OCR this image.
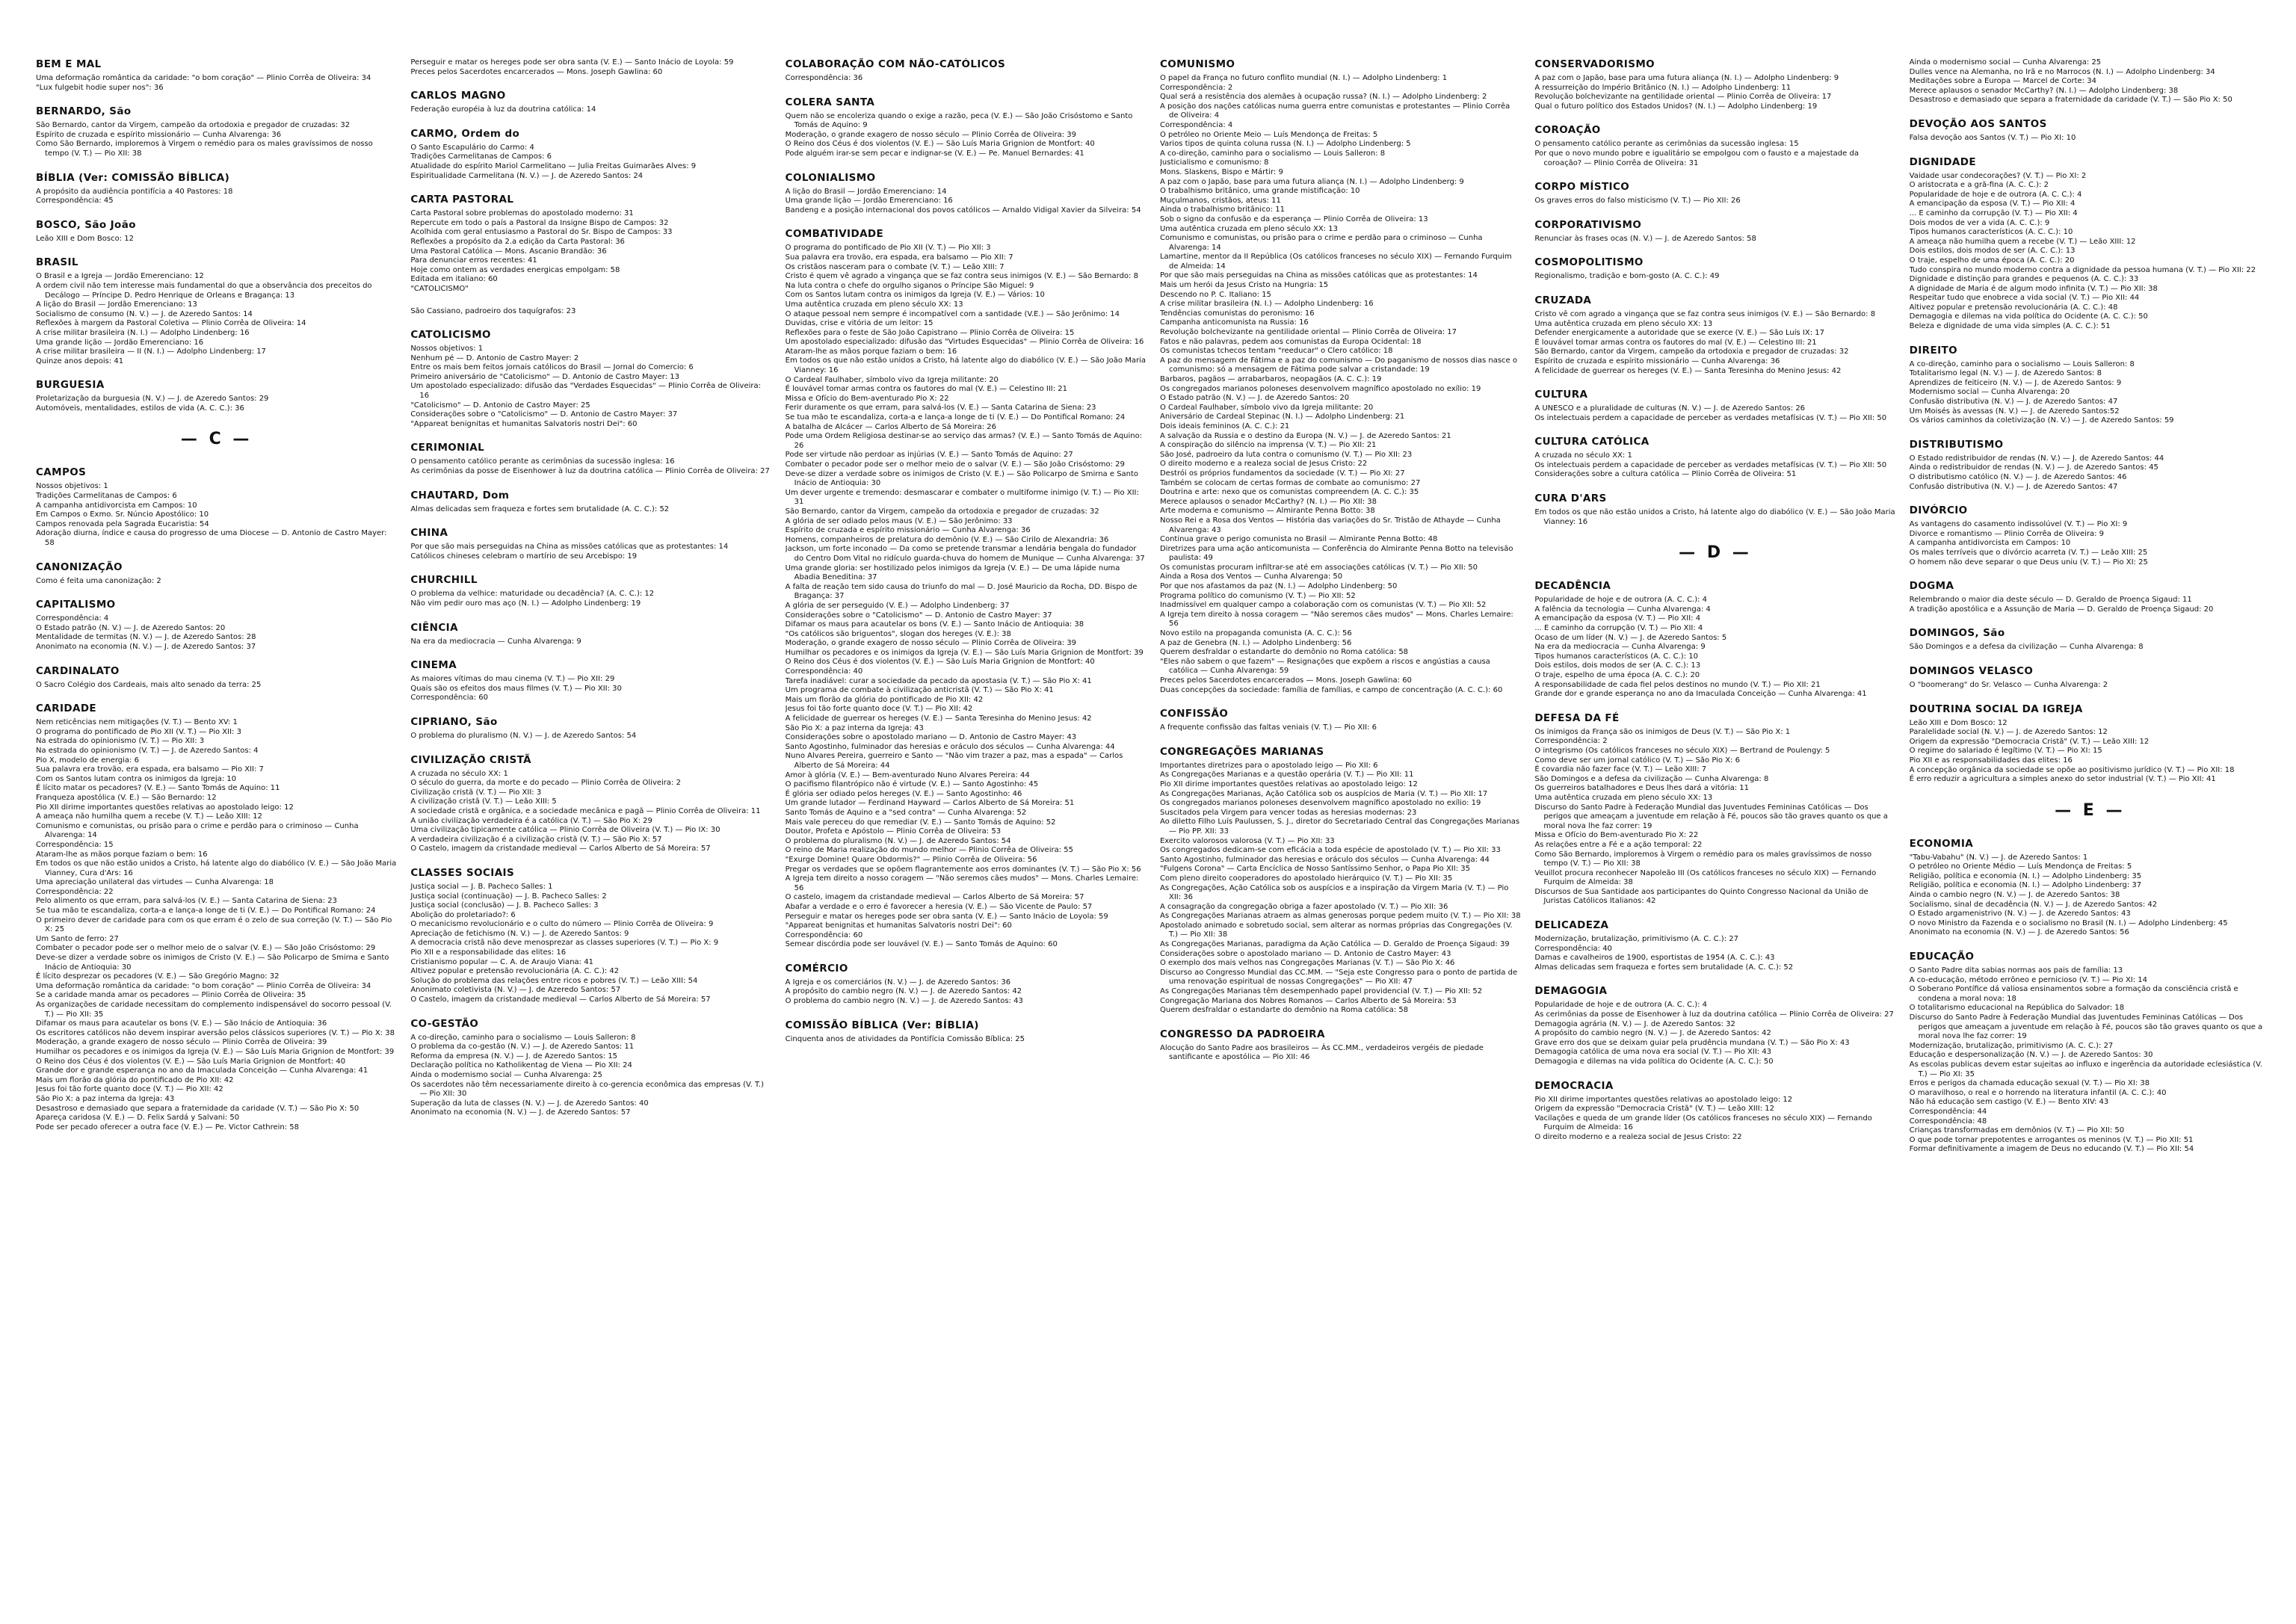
BEM E MAL

Uma deformação romântica da caridade: "o bom coração" — Plinio Corrêa de Oliveira: 34

"Lux fulgebit hodie super nos": 36

BERNARDO, São

São Bernardo, cantor da Virgem, campeão da ortodoxia e pregador de cruzadas: 32

Espírito de cruzada e espírito missionário — Cunha Alvarenga: 36

Como São Bernardo, imploremos à Virgem o remédio para os males gravíssimos de nosso tempo (V. T.) — Pio XII: 38

BÍBLIA (Ver: COMISSÃO BÍBLICA)

A propósito da audiência pontifícia a 40 Pastores: 18

Correspondência: 45

BOSCO, São João

Leão XIII e Dom Bosco: 12

BRASIL

O Brasil e a Igreja — Jordão Emerenciano: 12

A ordem civil não tem interesse mais fundamental do que a observância dos preceitos do Decálogo — Príncipe D. Pedro Henrique de Orleans e Bragança: 13

A lição do Brasil — Jordão Emerenciano: 13

Socialismo de consumo (N. V.) — J. de Azeredo Santos: 14

Reflexões à margem da Pastoral Coletiva — Plinio Corrêa de Oliveira: 14

A crise militar brasileira (N. I.) — Adolpho Lindenberg: 16

Uma grande lição — Jordão Emerenciano: 16

A crise militar brasileira — II (N. I.) — Adolpho Lindenberg: 17

Quinze anos depois: 41

BURGUESIA

Proletarização da burguesia (N. V.) — J. de Azeredo Santos: 29

Automóveis, mentalidades, estilos de vida (A. C. C.): 36

— C —
CAMPOS

Nossos objetivos: 1

Tradições Carmelitanas de Campos: 6

A campanha antidivorcista em Campos: 10

Em Campos o Exmo. Sr. Núncio Apostólico: 10

Campos renovada pela Sagrada Eucaristia: 54

Adoração diurna, índice e causa do progresso de uma Diocese — D. Antonio de Castro Mayer: 58

CANONIZAÇÃO

Como é feita uma canonização: 2

CAPITALISMO

Correspondência: 4

O Estado patrão (N. V.) — J. de Azeredo Santos: 20

Mentalidade de termitas (N. V.) — J. de Azeredo Santos: 28

Anonimato na economia (N. V.) — J. de Azeredo Santos: 37

CARDINALATO

O Sacro Colégio dos Cardeais, mais alto senado da terra: 25

CARIDADE

Nem reticências nem mitigações (V. T.) — Bento XV: 1

O programa do pontificado de Pio XII (V. T.) — Pio XII: 3

Na estrada do opinionismo (V. T.) — Pio XII: 3

Na estrada do opinionismo (V. T.) — J. de Azeredo Santos: 4

Pio X, modelo de energia: 6

Sua palavra era trovão, era espada, era balsamo — Pio XII: 7

Com os Santos lutam contra os inimigos da Igreja: 10

É lícito matar os pecadores? (V. E.) — Santo Tomás de Aquino: 11

Franqueza apostólica (V. E.) — São Bernardo: 12

Pio XII dirime importantes questões relativas ao apostolado leigo: 12

A ameaça não humilha quem a recebe (V. T.) — Leão XIII: 12

Comunismo e comunistas, ou prisão para o crime e perdão para o criminoso — Cunha Alvarenga: 14

Correspondência: 15

Ataram-lhe as mãos porque faziam o bem: 16

Em todos os que não estão unidos a Cristo, há latente algo do diabólico (V. E.) — São João Maria Vianney, Cura d'Ars: 16

Uma apreciação unilateral das virtudes — Cunha Alvarenga: 18

Correspondência: 22

Pelo alimento os que erram, para salvá-los (V. E.) — Santa Catarina de Siena: 23

Se tua mão te escandaliza, corta-a e lança-a longe de ti (V. E.) — Do Pontifical Romano: 24

O primeiro dever de caridade para com os que erram é o zelo de sua correção (V. T.) — São Pio X: 25

Um Santo de ferro: 27

Combater o pecador pode ser o melhor meio de o salvar (V. E.) — São João Crisóstomo: 29

Deve-se dizer a verdade sobre os inimigos de Cristo (V. E.) — São Policarpo de Smirna e Santo Inácio de Antioquia: 30

É lícito desprezar os pecadores (V. E.) — São Gregório Magno: 32

Uma deformação romântica da caridade: "o bom coração" — Plinio Corrêa de Oliveira: 34

Se a caridade manda amar os pecadores — Plinio Corrêa de Oliveira: 35

As organizações de caridade necessitam do complemento indispensável do socorro pessoal (V. T.) — Pio XII: 35

Difamar os maus para acautelar os bons (V. E.) — São Inácio de Antioquia: 36

Os escritores católicos não devem inspirar aversão pelos clássicos superiores (V. T.) — Pio X: 38

Moderação, a grande exagero de nosso século — Plinio Corrêa de Oliveira: 39

Humilhar os pecadores e os inimigos da Igreja (V. E.) — São Luís Maria Grignion de Montfort: 39

O Reino dos Céus é dos violentos (V. E.) — São Luís Maria Grignion de Montfort: 40

Grande dor e grande esperança no ano da Imaculada Conceição — Cunha Alvarenga: 41

Mais um florão da glória do pontificado de Pio XII: 42

Jesus foi tão forte quanto doce (V. T.) — Pio XII: 42

São Pio X: a paz interna da Igreja: 43

Desastroso e demasiado que separa a fraternidade da caridade (V. T.) — São Pio X: 50

Apareça caridosa (V. E.) — D. Felix Sardá y Salvani: 50

Pode ser pecado oferecer a outra face (V. E.) — Pe. Victor Cathrein: 58

Perseguir e matar os hereges pode ser obra santa (V. E.) — Santo Inácio de Loyola: 59

Preces pelos Sacerdotes encarcerados — Mons. Joseph Gawlina: 60

CARLOS MAGNO

Federação européia à luz da doutrina católica: 14

CARMO, Ordem do

O Santo Escapulário do Carmo: 4

Tradições Carmelitanas de Campos: 6

Atualidade do espírito Mariol Carmelitano — Julia Freitas Guimarães Alves: 9

Espiritualidade Carmelitana (N. V.) — J. de Azeredo Santos: 24

CARTA PASTORAL

Carta Pastoral sobre problemas do apostolado moderno: 31

Repercute em todo o país a Pastoral da Insigne Bispo de Campos: 32

Acolhida com geral entusiasmo a Pastoral do Sr. Bispo de Campos: 33

Reflexões a propósito da 2.a edição da Carta Pastoral: 36

Uma Pastoral Católica — Mons. Ascanio Brandão: 36

Para denunciar erros recentes: 41

Hoje como ontem as verdades energicas empolgam: 58

Editada em italiano: 60

"CATOLICISMO"

São Cassiano, padroeiro dos taquígrafos: 23

CATOLICISMO

Nossos objetivos: 1

Nenhum pé — D. Antonio de Castro Mayer: 2

Entre os mais bem feitos jornais católicos do Brasil — Jornal do Comercio: 6

Primeiro aniversário de "Catolicismo" — D. Antonio de Castro Mayer: 13

Um apostolado especializado: difusão das "Verdades Esquecidas" — Plinio Corrêa de Oliveira: 16

"Catolicismo" — D. Antonio de Castro Mayer: 25

Considerações sobre o "Catolicismo" — D. Antonio de Castro Mayer: 37

"Appareat benignitas et humanitas Salvatoris nostri Dei": 60

CERIMONIAL

O pensamento católico perante as cerimônias da sucessão inglesa: 16

As cerimônias da posse de Eisenhower à luz da doutrina católica — Plinio Corrêa de Oliveira: 27

CHAUTARD, Dom

Almas delicadas sem fraqueza e fortes sem brutalidade (A. C. C.): 52

CHINA

Por que são mais perseguidas na China as missões católicas que as protestantes: 14

Católicos chineses celebram o martírio de seu Arcebispo: 19

CHURCHILL

O problema da velhice: maturidade ou decadência? (A. C. C.): 12

Não vim pedir ouro mas aço (N. I.) — Adolpho Lindenberg: 19

CIÊNCIA

Na era da mediocracia — Cunha Alvarenga: 9

CINEMA

As maiores vítimas do mau cinema (V. T.) — Pio XII: 29

Quais são os efeitos dos maus filmes (V. T.) — Pio XII: 30

Correspondência: 60

CIPRIANO, São

O problema do pluralismo (N. V.) — J. de Azeredo Santos: 54

CIVILIZAÇÃO CRISTÃ

A cruzada no século XX: 1

O século do guerra, da morte e do pecado — Plinio Corrêa de Oliveira: 2

Civilização cristã (V. T.) — Pio XII: 3

A civilização cristã (V. T.) — Leão XIII: 5

A sociedade cristã e orgânica, e a sociedade mecânica e pagã — Plinio Corrêa de Oliveira: 11

A união civilização verdadeira é a católica (V. T.) — São Pio X: 29

Uma civilização tipicamente católica — Plinio Corrêa de Oliveira (V. T.) — Pio IX: 30

A verdadeira civilização é a civilização cristã (V. T.) — São Pio X: 57

O Castelo, imagem da cristandade medieval — Carlos Alberto de Sá Moreira: 57

CLASSES SOCIAIS

Justiça social — J. B. Pacheco Salles: 1

Justiça social (continuação) — J. B. Pacheco Salles: 2

Justiça social (conclusão) — J. B. Pacheco Salles: 3

Abolição do proletariado?: 6

O mecanicismo revolucionário e o culto do número — Plinio Corrêa de Oliveira: 9

Apreciação de fetichismo (N. V.) — J. de Azeredo Santos: 9

A democracia cristã não deve menosprezar as classes superiores (V. T.) — Pio X: 9

Pio XII e a responsabilidade das elites: 16

Cristianismo popular — C. A. de Araujo Viana: 41

Altivez popular e pretensão revolucionária (A. C. C.): 42

Solução do problema das relações entre ricos e pobres (V. T.) — Leão XIII: 54

Anonimato coletivista (N. V.) — J. de Azeredo Santos: 57

O Castelo, imagem da cristandade medieval — Carlos Alberto de Sá Moreira: 57

CO-GESTÃO

A co-direção, caminho para o socialismo — Louis Salleron: 8

O problema da co-gestão (N. V.) — J. de Azeredo Santos: 11

Reforma da empresa (N. V.) — J. de Azeredo Santos: 15

Declaração política no Katholikentag de Viena — Pio XII: 24

Ainda o modernismo social — Cunha Alvarenga: 25

Os sacerdotes não têm necessariamente direito à co-gerencia econômica das empresas (V. T.) — Pio XII: 30

Superação da luta de classes (N. V.) — J. de Azeredo Santos: 40

Anonimato na economia (N. V.) — J. de Azeredo Santos: 57

COLABORAÇÃO COM NÃO-CATÓLICOS

Correspondência: 36

COLERA SANTA

Quem não se encoleriza quando o exige a razão, peca (V. E.) — São João Crisóstomo e Santo Tomás de Aquino: 9

Moderação, o grande exagero de nosso século — Plinio Corrêa de Oliveira: 39

O Reino dos Céus é dos violentos (V. E.) — São Luís Maria Grignion de Montfort: 40

Pode alguém irar-se sem pecar e indignar-se (V. E.) — Pe. Manuel Bernardes: 41

COLONIALISMO

A lição do Brasil — Jordão Emerenciano: 14

Uma grande lição — Jordão Emerenciano: 16

Bandeng e a posição internacional dos povos católicos — Arnaldo Vidigal Xavier da Silveira: 54

COMBATIVIDADE

O programa do pontificado de Pio XII (V. T.) — Pio XII: 3

Sua palavra era trovão, era espada, era balsamo — Pio XII: 7

Os cristãos nasceram para o combate (V. T.) — Leão XIII: 7

Cristo é quem vê agrado a vingança que se faz contra seus inimigos (V. E.) — São Bernardo: 8

Na luta contra o chefe do orgulho siganos o Príncipe São Miguel: 9

Com os Santos lutam contra os inimigos da Igreja (V. E.) — Vários: 10

Uma autêntica cruzada em pleno século XX: 13

O ataque pessoal nem sempre é incompatível com a santidade (V.E.) — São Jerônimo: 14

Duvidas, crise e vitória de um leitor: 15

Reflexões para o feste de São João Capistrano — Plinio Corrêa de Oliveira: 15

Um apostolado especializado: difusão das "Virtudes Esquecidas" — Plinio Corrêa de Oliveira: 16

Ataram-lhe as mãos porque faziam o bem: 16

Em todos os que não estão unidos a Cristo, há latente algo do diabólico (V. E.) — São João Maria Vianney: 16

O Cardeal Faulhaber, símbolo vivo da Igreja militante: 20

É louvável tomar armas contra os fautores do mal (V. E.) — Celestino III: 21

Missa e Ofício do Bem-aventurado Pio X: 22

Ferir duramente os que erram, para salvá-los (V. E.) — Santa Catarina de Siena: 23

Se tua mão te escandaliza, corta-a e lança-a longe de ti (V. E.) — Do Pontifical Romano: 24

A batalha de Alcácer — Carlos Alberto de Sá Moreira: 26

Pode uma Ordem Religiosa destinar-se ao serviço das armas? (V. E.) — Santo Tomás de Aquino: 26

Pode ser virtude não perdoar as injúrias (V. E.) — Santo Tomás de Aquino: 27

Combater o pecador pode ser o melhor meio de o salvar (V. E.) — São João Crisóstomo: 29

Deve-se dizer a verdade sobre os inimigos de Cristo (V. E.) — São Policarpo de Smirna e Santo Inácio de Antioquia: 30

Um dever urgente e tremendo: desmascarar e combater o multiforme inimigo (V. T.) — Pio XII: 31

São Bernardo, cantor da Virgem, campeão da ortodoxia e pregador de cruzadas: 32

A glória de ser odiado pelos maus (V. E.) — São Jerônimo: 33

Espírito de cruzada e espírito missionário — Cunha Alvarenga: 36

Homens, companheiros de prelatura do demônio (V. E.) — São Cirilo de Alexandria: 36

Jackson, um forte inconado — Da como se pretende transmar a lendária bengala do fundador do Centro Dom Vital no ridículo guarda-chuva do homem de Munique — Cunha Alvarenga: 37

Uma grande gloria: ser hostilizado pelos inimigos da Igreja (V. E.) — De uma lápide numa Abadia Beneditina: 37

A falta de reação tem sido causa do triunfo do mal — D. José Mauricio da Rocha, DD. Bispo de Bragança: 37

A glória de ser perseguido (V. E.) — Adolpho Lindenberg: 37

Considerações sobre o "Catolicismo" — D. Antonio de Castro Mayer: 37

Difamar os maus para acautelar os bons (V. E.) — Santo Inácio de Antioquia: 38

"Os católicos são briguentos", slogan dos hereges (V. E.): 38

Moderação, o grande exagero de nosso século — Plinio Corrêa de Oliveira: 39

Humilhar os pecadores e os inimigos da Igreja (V. E.) — São Luís Maria Grignion de Montfort: 39

O Reino dos Céus é dos violentos (V. E.) — São Luís Maria Grignion de Montfort: 40

Correspondência: 40

Tarefa inadiável: curar a sociedade da pecado da apostasia (V. T.) — São Pio X: 41

Um programa de combate à civilização anticristã (V. T.) — São Pio X: 41

Mais um florão da glória do pontificado de Pio XII: 42

Jesus foi tão forte quanto doce (V. T.) — Pio XII: 42

A felicidade de guerrear os hereges (V. E.) — Santa Teresinha do Menino Jesus: 42

São Pio X: a paz interna da Igreja: 43

Considerações sobre o apostolado mariano — D. Antonio de Castro Mayer: 43

Santo Agostinho, fulminador das heresias e oráculo dos séculos — Cunha Alvarenga: 44

Nuno Alvares Pereira, guerreiro e Santo — "Não vim trazer a paz, mas a espada" — Carlos Alberto de Sá Moreira: 44

Amor à glória (V. E.) — Bem-aventurado Nuno Alvares Pereira: 44

O pacifismo filantrópico não é virtude (V. E.) — Santo Agostinho: 45

É glória ser odiado pelos hereges (V. E.) — Santo Agostinho: 46

Um grande lutador — Ferdinand Hayward — Carlos Alberto de Sá Moreira: 51

Santo Tomás de Aquino e a "sed contra" — Cunha Alvarenga: 52

Mais vale pereceu do que remediar (V. E.) — Santo Tomás de Aquino: 52

Doutor, Profeta e Apóstolo — Plinio Corrêa de Oliveira: 53

O problema do pluralismo (N. V.) — J. de Azeredo Santos: 54

O reino de Maria realização do mundo melhor — Plinio Corrêa de Oliveira: 55

"Exurge Domine! Quare Obdormis?" — Plinio Corrêa de Oliveira: 56

Pregar os verdades que se opõem flagrantemente aos erros dominantes (V. T.) — São Pio X: 56

A Igreja tem direito a nosso coragem — "Não seremos cães mudos" — Mons. Charles Lemaire: 56

O castelo, imagem da cristandade medieval — Carlos Alberto de Sá Moreira: 57

Abafar a verdade e o erro é favorecer a heresia (V. E.) — São Vicente de Paulo: 57

Perseguir e matar os hereges pode ser obra santa (V. E.) — Santo Inácio de Loyola: 59

"Appareat benignitas et humanitas Salvatoris nostri Dei": 60

Correspondência: 60

Semear discórdia pode ser louvável (V. E.) — Santo Tomás de Aquino: 60

COMÉRCIO

A Igreja e os comerciários (N. V.) — J. de Azeredo Santos: 36

A propósito do cambio negro (N. V.) — J. de Azeredo Santos: 42

O problema do cambio negro (N. V.) — J. de Azeredo Santos: 43

COMISSÃO BÍBLICA (Ver: BÍBLIA)

Cinquenta anos de atividades da Pontifícia Comissão Bíblica: 25

COMUNISMO

O papel da França no futuro conflito mundial (N. I.) — Adolpho Lindenberg: 1

Correspondência: 2

Qual será a resistência dos alemães à ocupação russa? (N. I.) — Adolpho Lindenberg: 2

A posição dos nações católicas numa guerra entre comunistas e protestantes — Plinio Corrêa de Oliveira: 4

Correspondência: 4

O petróleo no Oriente Meio — Luís Mendonça de Freitas: 5

Varios tipos de quinta coluna russa (N. I.) — Adolpho Lindenberg: 5

A co-direção, caminho para o socialismo — Louis Salleron: 8

Justicialismo e comunismo: 8

Mons. Slaskens, Bispo e Mártir: 9

A paz com o Japão, base para uma futura aliança (N. I.) — Adolpho Lindenberg: 9

O trabalhismo britânico, uma grande mistificação: 10

Muçulmanos, cristãos, ateus: 11

Ainda o trabalhismo britânico: 11

Sob o signo da confusão e da esperança — Plinio Corrêa de Oliveira: 13

Uma autêntica cruzada em pleno século XX: 13

Comunismo e comunistas, ou prisão para o crime e perdão para o criminoso — Cunha Alvarenga: 14

Lamartine, mentor da II República (Os católicos franceses no século XIX) — Fernando Furquim de Almeida: 14

Por que são mais perseguidas na China as missões católicas que as protestantes: 14

Mais um herói da Jesus Cristo na Hungria: 15

Descendo no P. C. Italiano: 15

A crise militar brasileira (N. I.) — Adolpho Lindenberg: 16

Tendências comunistas do peronismo: 16

Campanha anticomunista na Russia: 16

Revolução bolchevizante na gentilidade oriental — Plinio Corrêa de Oliveira: 17

Fatos e não palavras, pedem aos comunistas da Europa Ocidental: 18

Os comunistas tchecos tentam "reeducar" o Clero católico: 18

A paz do mensagem de Fátima e a paz do comunismo — Do paganismo de nossos dias nasce o comunismo: só a mensagem de Fátima pode salvar a cristandade: 19

Barbaros, pagãos — arrabarbaros, neopagãos (A. C. C.): 19

Os congregados marianos poloneses desenvolvem magnífico apostolado no exílio: 19

O Estado patrão (N. V.) — J. de Azeredo Santos: 20

O Cardeal Faulhaber, símbolo vivo da Igreja militante: 20

Aniversário de Cardeal Stepinac (N. I.) — Adolpho Lindenberg: 21

Dois ideais femininos (A. C. C.): 21

A salvação da Russia e o destino da Europa (N. V.) — J. de Azeredo Santos: 21

A conspiração do silêncio na imprensa (V. T.) — Pio XII: 21

São José, padroeiro da luta contra o comunismo (V. T.) — Pio XII: 23

O direito moderno e a realeza social de Jesus Cristo: 22

Destrói os próprios fundamentos da sociedade (V. T.) — Pio XI: 27

Também se colocam de certas formas de combate ao comunismo: 27

Doutrina e arte: nexo que os comunistas compreendem (A. C. C.): 35

Merece aplausos o senador McCarthy? (N. I.) — Pio XII: 38

Arte moderna e comunismo — Almirante Penna Botto: 38

Nosso Rei e a Rosa dos Ventos — História das variações do Sr. Tristão de Athayde — Cunha Alvarenga: 43

Continua grave o perigo comunista no Brasil — Almirante Penna Botto: 48

Diretrizes para uma ação anticomunista — Conferência do Almirante Penna Botto na televisão paulista: 49

Os comunistas procuram infiltrar-se até em associações católicas (V. T.) — Pio XII: 50

Ainda a Rosa dos Ventos — Cunha Alvarenga: 50

Por que nos afastamos da paz (N. I.) — Adolpho Lindenberg: 50

Programa político do comunismo (V. T.) — Pio XII: 52

Inadmissível em qualquer campo a colaboração com os comunistas (V. T.) — Pio XII: 52

A Igreja tem direito à nossa coragem — "Não seremos cães mudos" — Mons. Charles Lemaire: 56

Novo estilo na propaganda comunista (A. C. C.): 56

A paz de Genebra (N. I.) — Adolpho Lindenberg: 56

Querem desfraldar o estandarte do demônio no Roma católica: 58

"Eles não sabem o que fazem" — Resignações que expõem a riscos e angústias a causa católica — Cunha Alvarenga: 59

Preces pelos Sacerdotes encarcerados — Mons. Joseph Gawlina: 60

Duas concepções da sociedade: família de famílias, e campo de concentração (A. C. C.): 60

CONFISSÃO

A frequente confissão das faltas veniais (V. T.) — Pio XII: 6

CONGREGAÇÕES MARIANAS

Importantes diretrizes para o apostolado leigo — Pio XII: 6

As Congregações Marianas e a questão operária (V. T.) — Pio XII: 11

Pio XII dirime importantes questões relativas ao apostolado leigo: 12

As Congregações Marianas, Ação Católica sob os auspícios de Maria (V. T.) — Pio XII: 17

Os congregados marianos poloneses desenvolvem magnífico apostolado no exílio: 19

Suscitados pela Virgem para vencer todas as heresias modernas: 23

Ao diletto Filho Luís Paulussen, S. J., diretor do Secretariado Central das Congregações Marianas — Pio PP. XII: 33

Exercito valorosos valorosa (V. T.) — Pio XII: 33

Os congregados dedicam-se com eficácia a toda espécie de apostolado (V. T.) — Pio XII: 33

Santo Agostinho, fulminador das heresias e oráculo dos séculos — Cunha Alvarenga: 44

"Fulgens Corona" — Carta Encíclica de Nosso Santíssimo Senhor, o Papa Pio XII: 35

Com pleno direito cooperadores do apostolado hierárquico (V. T.) — Pio XII: 35

As Congregações, Ação Católica sob os auspícios e a inspiração da Virgem Maria (V. T.) — Pio XII: 36

A consagração da congregação obriga a fazer apostolado (V. T.) — Pio XII: 36

As Congregações Marianas atraem as almas generosas porque pedem muito (V. T.) — Pio XII: 38

Apostolado animado e sobretudo social, sem alterar as normas próprias das Congregações (V. T.) — Pio XII: 38

As Congregações Marianas, paradigma da Ação Católica — D. Geraldo de Proença Sigaud: 39

Considerações sobre o apostolado mariano — D. Antonio de Castro Mayer: 43

O exemplo dos mais velhos nas Congregações Marianas (V. T.) — São Pio X: 46

Discurso ao Congresso Mundial das CC.MM. — "Seja este Congresso para o ponto de partida de uma renovação espiritual de nossas Congregações" — Pio XII: 47

As Congregações Marianas têm desempenhado papel providencial (V. T.) — Pio XII: 52

Congregação Mariana dos Nobres Romanos — Carlos Alberto de Sá Moreira: 53

Querem desfraldar o estandarte do demônio na Roma católica: 58

CONGRESSO DA PADROEIRA

Alocução do Santo Padre aos brasileiros — Às CC.MM., verdadeiros vergéis de piedade santificante e apostólica — Pio XII: 46

CONSERVADORISMO

A paz com o Japão, base para uma futura aliança (N. I.) — Adolpho Lindenberg: 9

A ressurreição do Império Britânico (N. I.) — Adolpho Lindenberg: 11

Revolução bolchevizante na gentilidade oriental — Plinio Corrêa de Oliveira: 17

Qual o futuro político dos Estados Unidos? (N. I.) — Adolpho Lindenberg: 19

COROAÇÃO

O pensamento católico perante as cerimônias da sucessão inglesa: 15

Por que o novo mundo pobre e igualitário se empolgou com o fausto e a majestade da coroação? — Plinio Corrêa de Oliveira: 31

CORPO MÍSTICO

Os graves erros do falso misticismo (V. T.) — Pio XII: 26

CORPORATIVISMO

Renunciar às frases ocas (N. V.) — J. de Azeredo Santos: 58

COSMOPOLITISMO

Regionalismo, tradição e bom-gosto (A. C. C.): 49

CRUZADA

Cristo vê com agrado a vingança que se faz contra seus inimigos (V. E.) — São Bernardo: 8

Uma autêntica cruzada em pleno século XX: 13

Defender energicamente a autoridade que se exerce (V. E.) — São Luís IX: 17

É louvável tomar armas contra os fautores do mal (V. E.) — Celestino III: 21

São Bernardo, cantor da Virgem, campeão da ortodoxia e pregador de cruzadas: 32

Espírito de cruzada e espírito missionário — Cunha Alvarenga: 36

A felicidade de guerrear os hereges (V. E.) — Santa Teresinha do Menino Jesus: 42

CULTURA

A UNESCO e a pluralidade de culturas (N. V.) — J. de Azeredo Santos: 26

Os intelectuais perdem a capacidade de perceber as verdades metafísicas (V. T.) — Pio XII: 50

CULTURA CATÓLICA

A cruzada no século XX: 1

Os intelectuais perdem a capacidade de perceber as verdades metafísicas (V. T.) — Pio XII: 50

Considerações sobre a cultura católica — Plinio Corrêa de Oliveira: 51

CURA D'ARS

Em todos os que não estão unidos a Cristo, há latente algo do diabólico (V. E.) — São João Maria Vianney: 16

— D —
DECADÊNCIA

Popularidade de hoje e de outrora (A. C. C.): 4

A falência da tecnologia — Cunha Alvarenga: 4

A emancipação da esposa (V. T.) — Pio XII: 4

... E caminho da corrupção (V. T.) — Pio XII: 4

Ocaso de um líder (N. V.) — J. de Azeredo Santos: 5

Na era da mediocracia — Cunha Alvarenga: 9

Tipos humanos característicos (A. C. C.): 10

Dois estilos, dois modos de ser (A. C. C.): 13

O traje, espelho de uma época (A. C. C.): 20

A responsabilidade de cada fiel pelos destinos no mundo (V. T.) — Pio XII: 21

Grande dor e grande esperança no ano da Imaculada Conceição — Cunha Alvarenga: 41

DEFESA DA FÉ

Os inimigos da França são os inimigos de Deus (V. T.) — São Pio X: 1

Correspondência: 2

O integrismo (Os católicos franceses no século XIX) — Bertrand de Poulengy: 5

Como deve ser um jornal católico (V. T.) — São Pio X: 6

É covardia não fazer face (V. T.) — Leão XIII: 7

São Domingos e a defesa da civilização — Cunha Alvarenga: 8

Os guerreiros batalhadores e Deus lhes dará a vitória: 11

Uma autêntica cruzada em pleno século XX: 13

Discurso do Santo Padre à Federação Mundial das Juventudes Femininas Católicas — Dos perigos que ameaçam a juventude em relação à Fé, poucos são tão graves quanto os que a moral nova lhe faz correr: 19

Missa e Ofício do Bem-aventurado Pio X: 22

As relações entre a Fé e a ação temporal: 22

Como São Bernardo, imploremos à Virgem o remédio para os males gravíssimos de nosso tempo (V. T.) — Pio XII: 38

Veuillot procura reconhecer Napoleão III (Os católicos franceses no século XIX) — Fernando Furquim de Almeida: 38

Discursos de Sua Santidade aos participantes do Quinto Congresso Nacional da União de Juristas Católicos Italianos: 42

DELICADEZA

Modernização, brutalização, primitivismo (A. C. C.): 27

Correspondência: 40

Damas e cavalheiros de 1900, esportistas de 1954 (A. C. C.): 43

Almas delicadas sem fraqueza e fortes sem brutalidade (A. C. C.): 52

DEMAGOGIA

Popularidade de hoje e de outrora (A. C. C.): 4

As cerimônias da posse de Eisenhower à luz da doutrina católica — Plinio Corrêa de Oliveira: 27

Demagogia agrária (N. V.) — J. de Azeredo Santos: 32

A propósito do cambio negro (N. V.) — J. de Azeredo Santos: 42

Grave erro dos que se deixam guiar pela prudência mundana (V. T.) — São Pio X: 43

Demagogia católica de uma nova era social (V. T.) — Pio XII: 43

Demagogia e dilemas na vida política do Ocidente (A. C. C.): 50

DEMOCRACIA

Pio XII dirime importantes questões relativas ao apostolado leigo: 12

Origem da expressão "Democracia Cristã" (V. T.) — Leão XIII: 12

Vacilações e queda de um grande líder (Os católicos franceses no século XIX) — Fernando Furquim de Almeida: 16

O direito moderno e a realeza social de Jesus Cristo: 22

Ainda o modernismo social — Cunha Alvarenga: 25

Dulles vence na Alemanha, no Irã e no Marrocos (N. I.) — Adolpho Lindenberg: 34

Meditações sobre a Europa — Marcel de Corte: 34

Merece aplausos o senador McCarthy? (N. I.) — Adolpho Lindenberg: 38

Desastroso e demasiado que separa a fraternidade da caridade (V. T.) — São Pio X: 50

DEVOÇÃO AOS SANTOS

Falsa devoção aos Santos (V. T.) — Pio XI: 10

DIGNIDADE

Vaidade usar condecorações? (V. T.) — Pio XI: 2

O aristocrata e a grã-fina (A. C. C.): 2

Popularidade de hoje e de outrora (A. C. C.): 4

A emancipação da esposa (V. T.) — Pio XII: 4

... E caminho da corrupção (V. T.) — Pio XII: 4

Dois modos de ver a vida (A. C. C.): 9

Tipos humanos característicos (A. C. C.): 10

A ameaça não humilha quem a recebe (V. T.) — Leão XIII: 12

Dois estilos, dois modos de ser (A. C. C.): 13

O traje, espelho de uma época (A. C. C.): 20

Tudo conspira no mundo moderno contra a dignidade da pessoa humana (V. T.) — Pio XII: 22

Dignidade e distinção para grandes e pequenos (A. C. C.): 33

A dignidade de Maria é de algum modo infinita (V. T.) — Pio XII: 38

Respeitar tudo que enobrece a vida social (V. T.) — Pio XII: 44

Altivez popular e pretensão revolucionária (A. C. C.): 48

Demagogia e dilemas na vida política do Ocidente (A. C. C.): 50

Beleza e dignidade de uma vida simples (A. C. C.): 51

DIREITO

A co-direção, caminho para o socialismo — Louis Salleron: 8

Totalitarismo legal (N. V.) — J. de Azeredo Santos: 8

Aprendizes de feiticeiro (N. V.) — J. de Azeredo Santos: 9

Modernismo social — Cunha Alvarenga: 20

Confusão distributiva (N. V.) — J. de Azeredo Santos: 47

Um Moisés às avessas (N. V.) — J. de Azeredo Santos:52

Os vários caminhos da coletivização (N. V.) — J. de Azeredo Santos: 59

DISTRIBUTISMO

O Estado redistribuidor de rendas (N. V.) — J. de Azeredo Santos: 44

Ainda o redistribuidor de rendas (N. V.) — J. de Azeredo Santos: 45

O distributismo católico (N. V.) — J. de Azeredo Santos: 46

Confusão distributiva (N. V.) — J. de Azeredo Santos: 47

DIVÓRCIO

As vantagens do casamento indissolúvel (V. T.) — Pio XI: 9

Divorce e romantismo — Plinio Corrêa de Oliveira: 9

A campanha antidivorcista em Campos: 10

Os males terríveis que o divórcio acarreta (V. T.) — Leão XIII: 25

O homem não deve separar o que Deus uniu (V. T.) — Pio XI: 25

DOGMA

Relembrando o maior dia deste século — D. Geraldo de Proença Sigaud: 11

A tradição apostólica e a Assunção de Maria — D. Geraldo de Proença Sigaud: 20

DOMINGOS, São

São Domingos e a defesa da civilização — Cunha Alvarenga: 8

DOMINGOS VELASCO

O "boomerang" do Sr. Velasco — Cunha Alvarenga: 2

DOUTRINA SOCIAL DA IGREJA

Leão XIII e Dom Bosco: 12

Paralelidade social (N. V.) — J. de Azeredo Santos: 12

Origem da expressão "Democracia Cristã" (V. T.) — Leão XIII: 12

O regime do salariado é legítimo (V. T.) — Pio XI: 15

Pio XII e as responsabilidades das elites: 16

A concepção orgânica da sociedade se opõe ao positivismo jurídico (V. T.) — Pio XII: 18

É erro reduzir a agricultura a simples anexo do setor industrial (V. T.) — Pio XII: 41

— E —
ECONOMIA

"Tabu-Vabahu" (N. V.) — J. de Azeredo Santos: 1

O petróleo no Oriente Médio — Luís Mendonça de Freitas: 5

Religião, política e economia (N. I.) — Adolpho Lindenberg: 35

Religião, política e economia (N. I.) — Adolpho Lindenberg: 37

Ainda o cambio negro (N. V.) — J. de Azeredo Santos: 38

Socialismo, sinal de decadência (N. V.) — J. de Azeredo Santos: 42

O Estado argamenistrivo (N. V.) — J. de Azeredo Santos: 43

O novo Ministro da Fazenda e o socialismo no Brasil (N. I.) — Adolpho Lindenberg: 45

Anonimato na economia (N. V.) — J. de Azeredo Santos: 56

EDUCAÇÃO

O Santo Padre dita sabias normas aos pais de família: 13

A co-educação, método errôneo e pernicioso (V. T.) — Pio XI: 14

O Soberano Pontífice dá valiosa ensinamentos sobre a formação da consciência cristã e condena a moral nova: 18

O totalitarismo educacional na República do Salvador: 18

Discurso do Santo Padre à Federação Mundial das Juventudes Femininas Católicas — Dos perigos que ameaçam a juventude em relação à Fé, poucos são tão graves quanto os que a moral nova lhe faz correr: 19

Modernização, brutalização, primitivismo (A. C. C.): 27

Educação e despersonalização (N. V.) — J. de Azeredo Santos: 30

As escolas publicas devem estar sujeitas ao influxo e ingerência da autoridade eclesiástica (V. T.) — Pio XI: 35

Erros e perigos da chamada educação sexual (V. T.) — Pio XI: 38

O maravilhoso, o real e o horrendo na literatura infantil (A. C. C.): 40

Não há educação sem castigo (V. E.) — Bento XIV: 43

Correspondência: 44

Correspondência: 48

Crianças transformadas em demônios (V. T.) — Pio XII: 50

O que pode tornar prepotentes e arrogantes os meninos (V. T.) — Pio XII: 51

Formar definitivamente a imagem de Deus no educando (V. T.) — Pio XII: 54
